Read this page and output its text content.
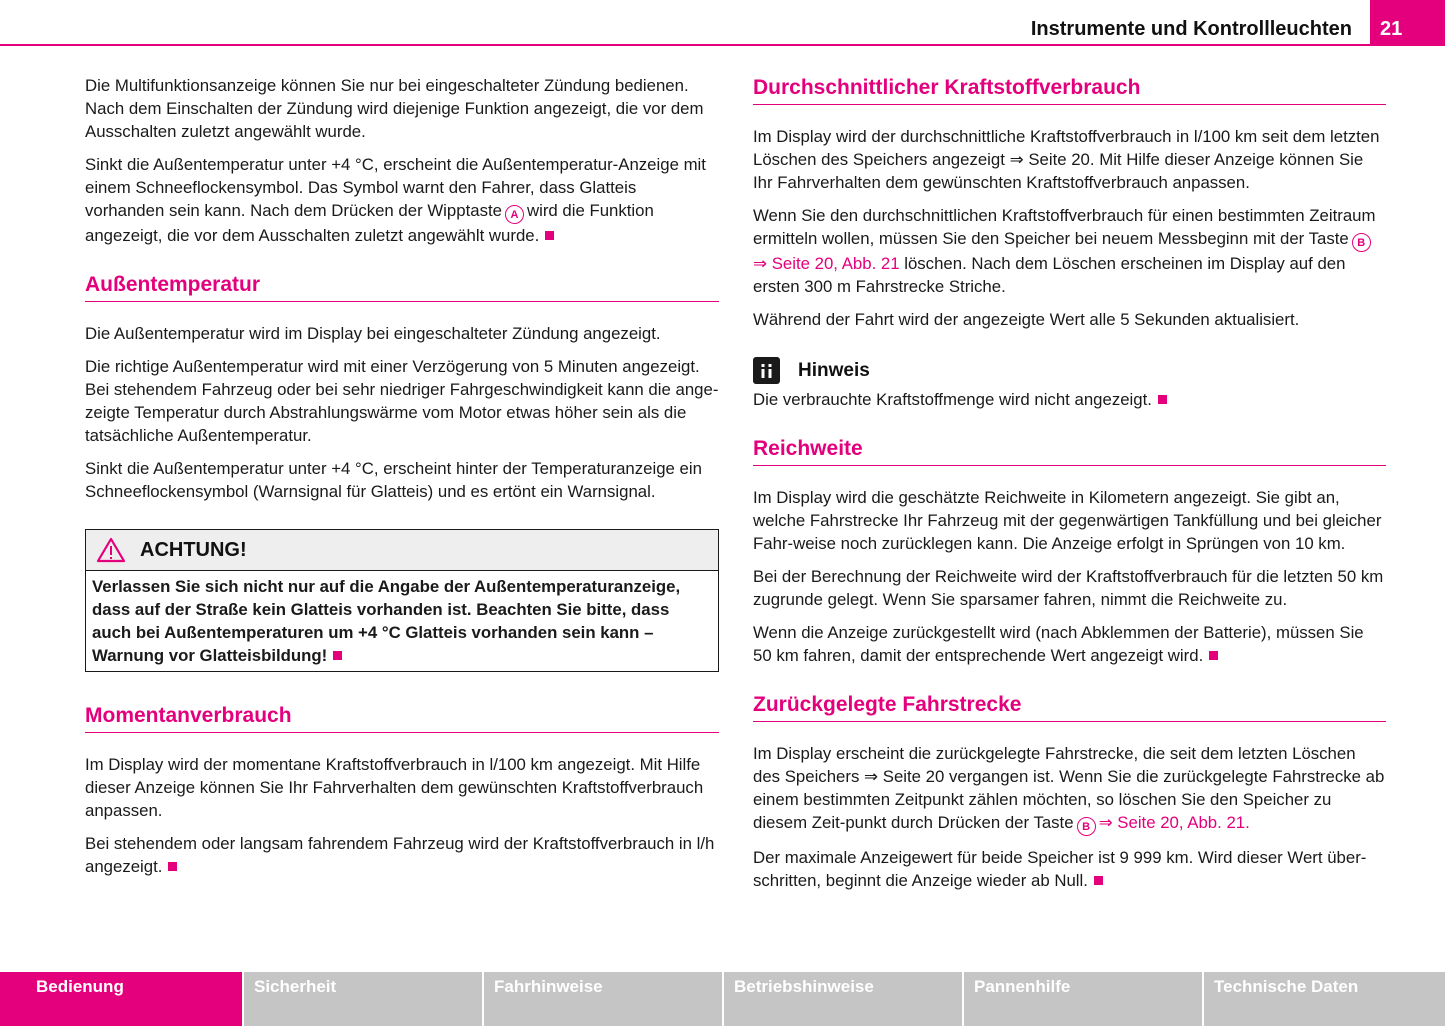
Instrumente und Kontrollleuchten	21

Die Multifunktionsanzeige können Sie nur bei eingeschalteter Zündung bedienen. Nach dem Einschalten der Zündung wird diejenige Funktion angezeigt, die vor dem Ausschalten zuletzt angewählt wurde.

Sinkt die Außentemperatur unter +4 °C, erscheint die Außentemperatur-Anzeige mit einem Schneeflockensymbol. Das Symbol warnt den Fahrer, dass Glatteis vorhanden sein kann. Nach dem Drücken der Wipptaste A wird die Funktion angezeigt, die vor dem Ausschalten zuletzt angewählt wurde.

Außentemperatur

Die Außentemperatur wird im Display bei eingeschalteter Zündung angezeigt.

Die richtige Außentemperatur wird mit einer Verzögerung von 5 Minuten angezeigt. Bei stehendem Fahrzeug oder bei sehr niedriger Fahrgeschwindigkeit kann die ange-zeigte Temperatur durch Abstrahlungswärme vom Motor etwas höher sein als die tatsächliche Außentemperatur.

Sinkt die Außentemperatur unter +4 °C, erscheint hinter der Temperaturanzeige ein Schneeflockensymbol (Warnsignal für Glatteis) und es ertönt ein Warnsignal.

ACHTUNG!
Verlassen Sie sich nicht nur auf die Angabe der Außentemperaturanzeige, dass auf der Straße kein Glatteis vorhanden ist. Beachten Sie bitte, dass auch bei Außentemperaturen um +4 °C Glatteis vorhanden sein kann – Warnung vor Glatteisbildung!
Momentanverbrauch

Im Display wird der momentane Kraftstoffverbrauch in l/100 km angezeigt. Mit Hilfe dieser Anzeige können Sie Ihr Fahrverhalten dem gewünschten Kraftstoffverbrauch anpassen.

Bei stehendem oder langsam fahrendem Fahrzeug wird der Kraftstoffverbrauch in l/h angezeigt.

Durchschnittlicher Kraftstoffverbrauch

Im Display wird der durchschnittliche Kraftstoffverbrauch in l/100 km seit dem letzten Löschen des Speichers angezeigt ⇒ Seite 20. Mit Hilfe dieser Anzeige können Sie Ihr Fahrverhalten dem gewünschten Kraftstoffverbrauch anpassen.

Wenn Sie den durchschnittlichen Kraftstoffverbrauch für einen bestimmten Zeitraum ermitteln wollen, müssen Sie den Speicher bei neuem Messbeginn mit der Taste B
⇒ Seite 20, Abb. 21 löschen. Nach dem Löschen erscheinen im Display auf den ersten 300 m Fahrstrecke Striche.

Während der Fahrt wird der angezeigte Wert alle 5 Sekunden aktualisiert.

Hinweis

Die verbrauchte Kraftstoffmenge wird nicht angezeigt.

Reichweite

Im Display wird die geschätzte Reichweite in Kilometern angezeigt. Sie gibt an, welche Fahrstrecke Ihr Fahrzeug mit der gegenwärtigen Tankfüllung und bei gleicher Fahr-weise noch zurücklegen kann. Die Anzeige erfolgt in Sprüngen von 10 km.

Bei der Berechnung der Reichweite wird der Kraftstoffverbrauch für die letzten 50 km zugrunde gelegt. Wenn Sie sparsamer fahren, nimmt die Reichweite zu.

Wenn die Anzeige zurückgestellt wird (nach Abklemmen der Batterie), müssen Sie 50 km fahren, damit der entsprechende Wert angezeigt wird.

Zurückgelegte Fahrstrecke

Im Display erscheint die zurückgelegte Fahrstrecke, die seit dem letzten Löschen des Speichers ⇒ Seite 20 vergangen ist. Wenn Sie die zurückgelegte Fahrstrecke ab einem bestimmten Zeitpunkt zählen möchten, so löschen Sie den Speicher zu diesem Zeit-punkt durch Drücken der Taste B ⇒ Seite 20, Abb. 21.

Der maximale Anzeigewert für beide Speicher ist 9 999 km. Wird dieser Wert über-schritten, beginnt die Anzeige wieder ab Null.

Bedienung	Sicherheit	Fahrhinweise	Betriebshinweise	Pannenhilfe	Technische Daten
